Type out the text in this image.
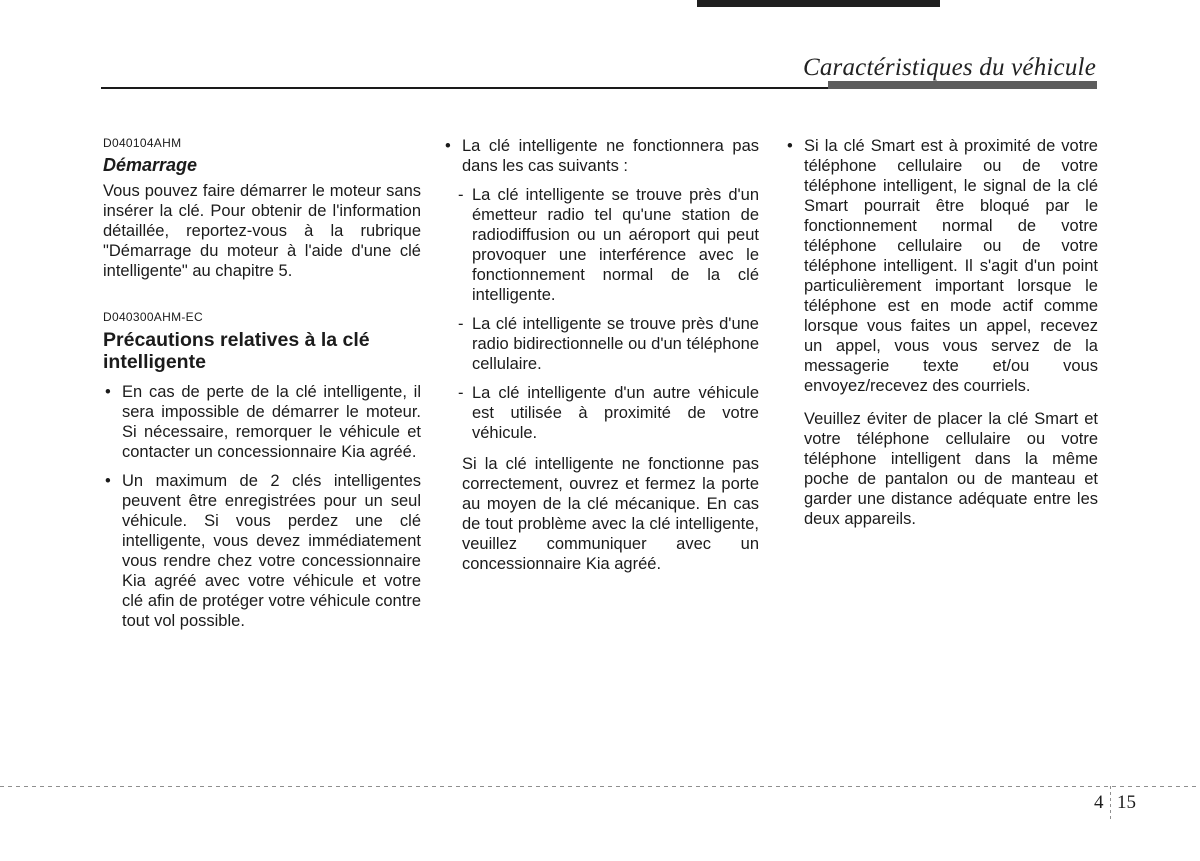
Caractéristiques du véhicule
D040104AHM
Démarrage

Vous pouvez faire démarrer le moteur sans insérer la clé. Pour obtenir de l'information détaillée, reportez-vous à la rubrique "Démarrage du moteur à l'aide d'une clé intelligente" au chapitre 5.

D040300AHM-EC
Précautions relatives à la clé intelligente
• En cas de perte de la clé intelligente, il sera impossible de démarrer le moteur. Si nécessaire, remorquer le véhicule et contacter un concessionnaire Kia agréé.
• Un maximum de 2 clés intelligentes peuvent être enregistrées pour un seul véhicule. Si vous perdez une clé intelligente, vous devez immédiatement vous rendre chez votre concessionnaire Kia agréé avec votre véhicule et votre clé afin de protéger votre véhicule contre tout vol possible.
• La clé intelligente ne fonctionnera pas dans les cas suivants :
- La clé intelligente se trouve près d'un émetteur radio tel qu'une station de radiodiffusion ou un aéroport qui peut provoquer une interférence avec le fonctionnement normal de la clé intelligente.
- La clé intelligente se trouve près d'une radio bidirectionnelle ou d'un téléphone cellulaire.
- La clé intelligente d'un autre véhicule est utilisée à proximité de votre véhicule.

Si la clé intelligente ne fonctionne pas correctement, ouvrez et fermez la porte au moyen de la clé mécanique. En cas de tout problème avec la clé intelligente, veuillez communiquer avec un concessionnaire Kia agréé.

• Si la clé Smart est à proximité de votre téléphone cellulaire ou de votre téléphone intelligent, le signal de la clé Smart pourrait être bloqué par le fonctionnement normal de votre téléphone cellulaire ou de votre téléphone intelligent. Il s'agit d'un point particulièrement important lorsque le téléphone est en mode actif comme lorsque vous faites un appel, recevez un appel, vous vous servez de la messagerie texte et/ou vous envoyez/recevez des courriels.

Veuillez éviter de placer la clé Smart et votre téléphone cellulaire ou votre téléphone intelligent dans la même poche de pantalon ou de manteau et garder une distance adéquate entre les deux appareils.

4 15
